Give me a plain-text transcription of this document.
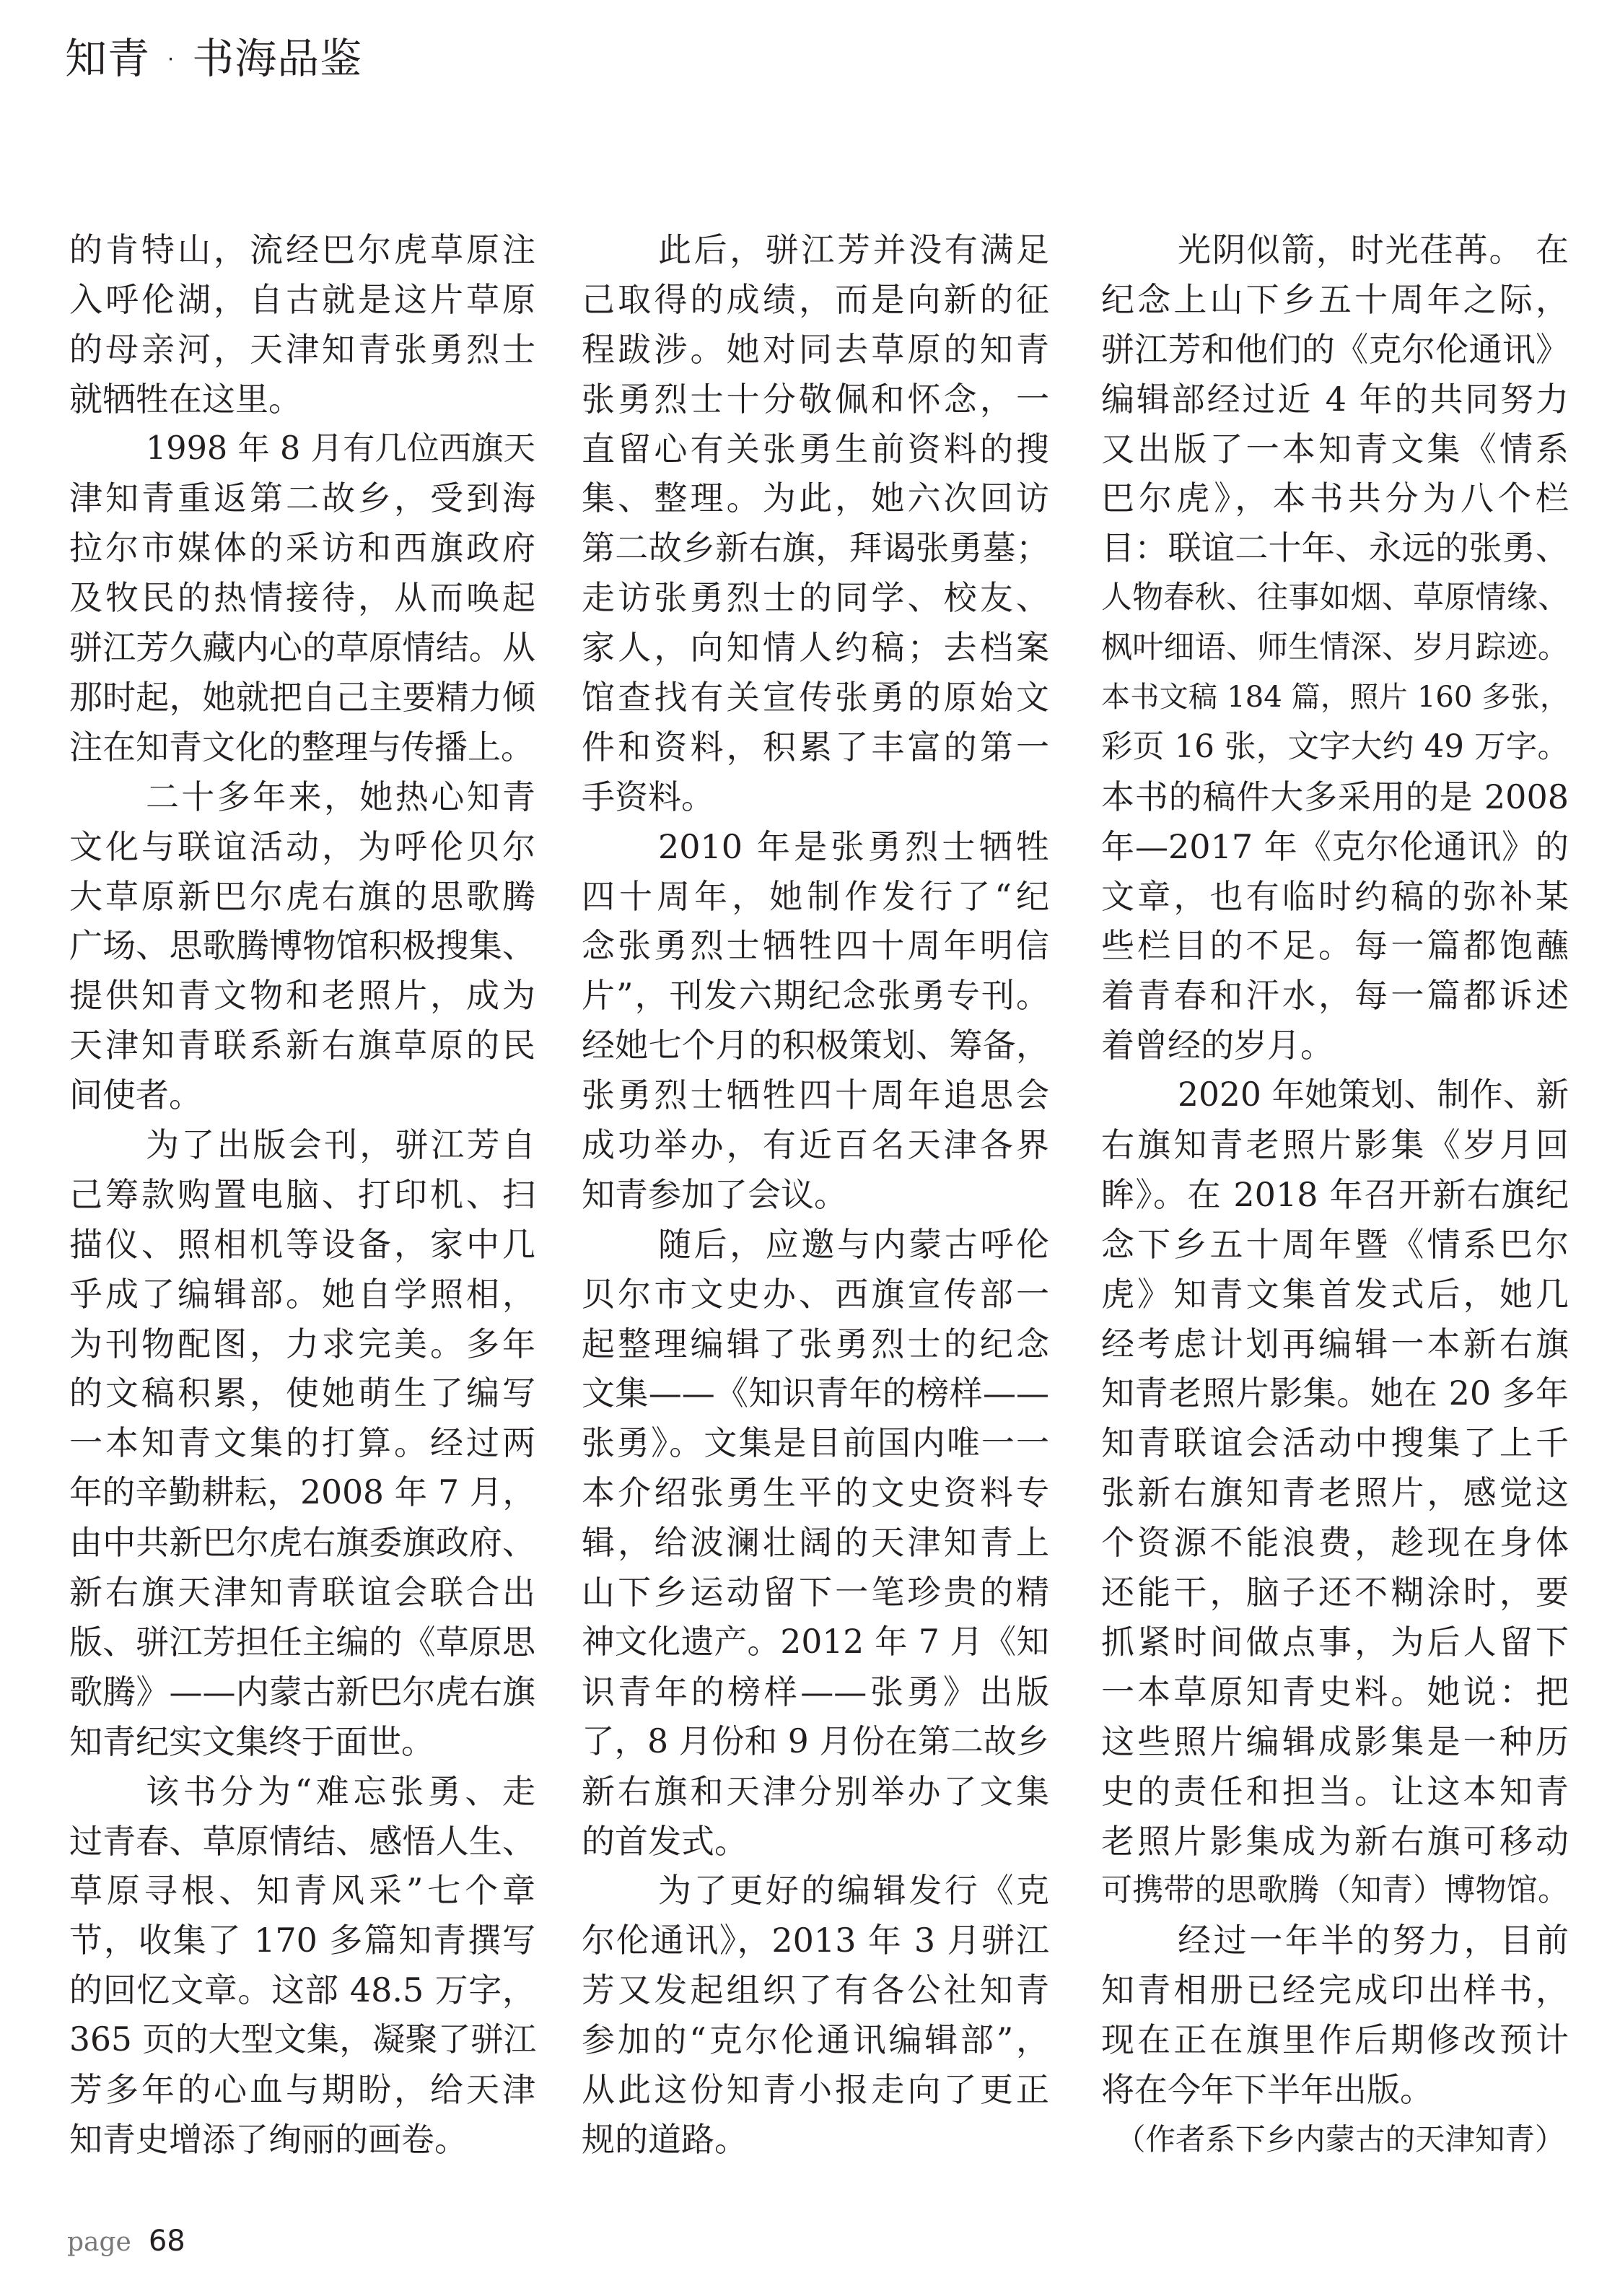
知青 · 书海品鉴
的肯特山，流经巴尔虎草原注
入呼伦湖，自古就是这片草原
的母亲河，天津知青张勇烈士
就牺牲在这里。
1998 年 8 月有几位西旗天
津知青重返第二故乡，受到海
拉尔市媒体的采访和西旗政府
及牧民的热情接待，从而唤起
骈江芳久藏内心的草原情结。从
那时起，她就把自己主要精力倾
注在知青文化的整理与传播上。
二十多年来，她热心知青
文化与联谊活动，为呼伦贝尔
大草原新巴尔虎右旗的思歌腾
广场、思歌腾博物馆积极搜集、
提供知青文物和老照片，成为
天津知青联系新右旗草原的民
间使者。
为了出版会刊，骈江芳自
己筹款购置电脑、打印机、扫
描仪、照相机等设备，家中几
乎成了编辑部。她自学照相，
为刊物配图，力求完美。多年
的文稿积累，使她萌生了编写
一本知青文集的打算。经过两
年的辛勤耕耘，2008 年 7 月，
由中共新巴尔虎右旗委旗政府、
新右旗天津知青联谊会联合出
版、骈江芳担任主编的《草原思
歌腾》——内蒙古新巴尔虎右旗
知青纪实文集终于面世。
该书分为“难忘张勇、走
过青春、草原情结、感悟人生、
草原寻根、知青风采”七个章
节，收集了 170 多篇知青撰写
的回忆文章。这部 48.5 万字，
365 页的大型文集，凝聚了骈江
芳多年的心血与期盼，给天津
知青史增添了绚丽的画卷。
此后，骈江芳并没有满足
己取得的成绩，而是向新的征
程跋涉。她对同去草原的知青
张勇烈士十分敬佩和怀念，一
直留心有关张勇生前资料的搜
集、整理。为此，她六次回访
第二故乡新右旗，拜谒张勇墓；
走访张勇烈士的同学、校友、
家人，向知情人约稿；去档案
馆查找有关宣传张勇的原始文
件和资料，积累了丰富的第一
手资料。
2010 年是张勇烈士牺牲
四十周年，她制作发行了“纪
念张勇烈士牺牲四十周年明信
片”，刊发六期纪念张勇专刊。
经她七个月的积极策划、筹备，
张勇烈士牺牲四十周年追思会
成功举办，有近百名天津各界
知青参加了会议。
随后，应邀与内蒙古呼伦
贝尔市文史办、西旗宣传部一
起整理编辑了张勇烈士的纪念
文集——《知识青年的榜样——
张勇》。文集是目前国内唯一一
本介绍张勇生平的文史资料专
辑，给波澜壮阔的天津知青上
山下乡运动留下一笔珍贵的精
神文化遗产。2012 年 7 月《知
识青年的榜样——张勇》出版
了，8 月份和 9 月份在第二故乡
新右旗和天津分别举办了文集
的首发式。
为了更好的编辑发行《克
尔伦通讯》，2013 年 3 月骈江
芳又发起组织了有各公社知青
参加的“克尔伦通讯编辑部”，
从此这份知青小报走向了更正
规的道路。
光阴似箭，时光荏苒。 在
纪念上山下乡五十周年之际，
骈江芳和他们的《克尔伦通讯》
编辑部经过近 4 年的共同努力
又出版了一本知青文集《情系
巴尔虎》，本书共分为八个栏
目：联谊二十年、永远的张勇、
人物春秋、往事如烟、草原情缘、
枫叶细语、师生情深、岁月踪迹。
本书文稿 184 篇，照片 160 多张，
彩页 16 张，文字大约 49 万字。
本书的稿件大多采用的是 2008
年—2017 年《克尔伦通讯》的
文章，也有临时约稿的弥补某
些栏目的不足。每一篇都饱蘸
着青春和汗水，每一篇都诉述
着曾经的岁月。
2020 年她策划、制作、新
右旗知青老照片影集《岁月回
眸》。在 2018 年召开新右旗纪
念下乡五十周年暨《情系巴尔
虎》知青文集首发式后，她几
经考虑计划再编辑一本新右旗
知青老照片影集。她在 20 多年
知青联谊会活动中搜集了上千
张新右旗知青老照片，感觉这
个资源不能浪费，趁现在身体
还能干，脑子还不糊涂时，要
抓紧时间做点事，为后人留下
一本草原知青史料。她说：把
这些照片编辑成影集是一种历
史的责任和担当。让这本知青
老照片影集成为新右旗可移动
可携带的思歌腾（知青）博物馆。
经过一年半的努力，目前
知青相册已经完成印出样书，
现在正在旗里作后期修改预计
将在今年下半年出版。
（作者系下乡内蒙古的天津知青）
page 68
